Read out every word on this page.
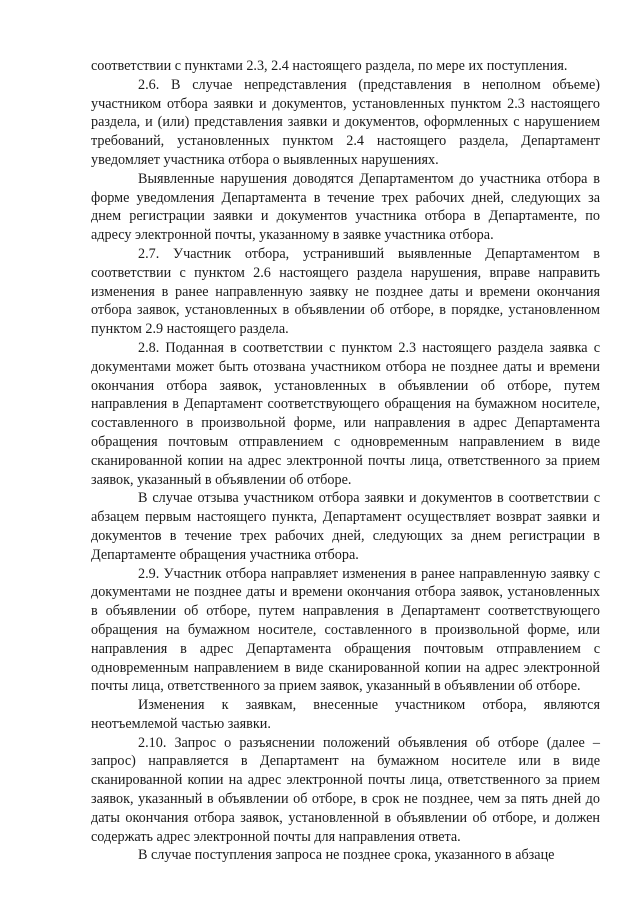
соответствии с пунктами 2.3, 2.4 настоящего раздела, по мере их поступления.

2.6. В случае непредставления (представления в неполном объеме) участником отбора заявки и документов, установленных пунктом 2.3 настоящего раздела, и (или) представления заявки и документов, оформленных с нарушением требований, установленных пунктом 2.4 настоящего раздела, Департамент уведомляет участника отбора о выявленных нарушениях.

Выявленные нарушения доводятся Департаментом до участника отбора в форме уведомления Департамента в течение трех рабочих дней, следующих за днем регистрации заявки и документов участника отбора в Департаменте, по адресу электронной почты, указанному в заявке участника отбора.

2.7. Участник отбора, устранивший выявленные Департаментом в соответствии с пунктом 2.6 настоящего раздела нарушения, вправе направить изменения в ранее направленную заявку не позднее даты и времени окончания отбора заявок, установленных в объявлении об отборе, в порядке, установленном пунктом 2.9 настоящего раздела.

2.8. Поданная в соответствии с пунктом 2.3 настоящего раздела заявка с документами может быть отозвана участником отбора не позднее даты и времени окончания отбора заявок, установленных в объявлении об отборе, путем направления в Департамент соответствующего обращения на бумажном носителе, составленного в произвольной форме, или направления в адрес Департамента обращения почтовым отправлением с одновременным направлением в виде сканированной копии на адрес электронной почты лица, ответственного за прием заявок, указанный в объявлении об отборе.

В случае отзыва участником отбора заявки и документов в соответствии с абзацем первым настоящего пункта, Департамент осуществляет возврат заявки и документов в течение трех рабочих дней, следующих за днем регистрации в Департаменте обращения участника отбора.

2.9. Участник отбора направляет изменения в ранее направленную заявку с документами не позднее даты и времени окончания отбора заявок, установленных в объявлении об отборе, путем направления в Департамент соответствующего обращения на бумажном носителе, составленного в произвольной форме, или направления в адрес Департамента обращения почтовым отправлением с одновременным направлением в виде сканированной копии на адрес электронной почты лица, ответственного за прием заявок, указанный в объявлении об отборе.

Изменения к заявкам, внесенные участником отбора, являются неотъемлемой частью заявки.

2.10. Запрос о разъяснении положений объявления об отборе (далее – запрос) направляется в Департамент на бумажном носителе или в виде сканированной копии на адрес электронной почты лица, ответственного за прием заявок, указанный в объявлении об отборе, в срок не позднее, чем за пять дней до даты окончания отбора заявок, установленной в объявлении об отборе, и должен содержать адрес электронной почты для направления ответа.

В случае поступления запроса не позднее срока, указанного в абзаце
